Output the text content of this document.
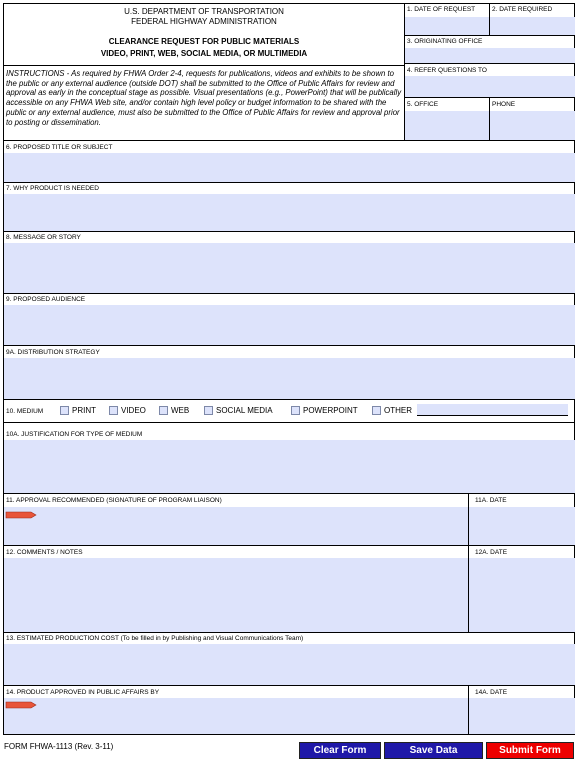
U.S. DEPARTMENT OF TRANSPORTATION
FEDERAL HIGHWAY ADMINISTRATION
CLEARANCE REQUEST FOR PUBLIC MATERIALS
VIDEO, PRINT, WEB, SOCIAL MEDIA, OR MULTIMEDIA
INSTRUCTIONS - As required by FHWA Order 2-4, requests for publications, videos and exhibits to be shown to the public or any external audience (outside DOT) shall be submitted to the Office of Public Affairs for review and approval as early in the conceptual stage as possible. Visual presentations (e.g., PowerPoint) that will be publically accessible on any FHWA Web site, and/or contain high level policy or budget information to be shared with the public or any external audience, must also be submitted to the Office of Public Affairs for review and approval prior to posting or dissemination.
1. DATE OF REQUEST	2. DATE REQUIRED
3. ORIGINATING OFFICE
4. REFER QUESTIONS TO
5. OFFICE	PHONE
6. PROPOSED TITLE OR SUBJECT
7. WHY PRODUCT IS NEEDED
8. MESSAGE OR STORY
9. PROPOSED AUDIENCE
9A. DISTRIBUTION STRATEGY
10. MEDIUM	PRINT	VIDEO	WEB	SOCIAL MEDIA	POWERPOINT	OTHER
10A. JUSTIFICATION FOR TYPE OF MEDIUM
11. APPROVAL RECOMMENDED (SIGNATURE OF PROGRAM LIAISON)	11A. DATE
12. COMMENTS / NOTES	12A. DATE
13. ESTIMATED PRODUCTION COST (To be filled in by Publishing and Visual Communications Team)
14. PRODUCT APPROVED IN PUBLIC AFFAIRS BY	14A. DATE
FORM FHWA-1113 (Rev. 3-11)	Clear Form	Save Data	Submit Form
